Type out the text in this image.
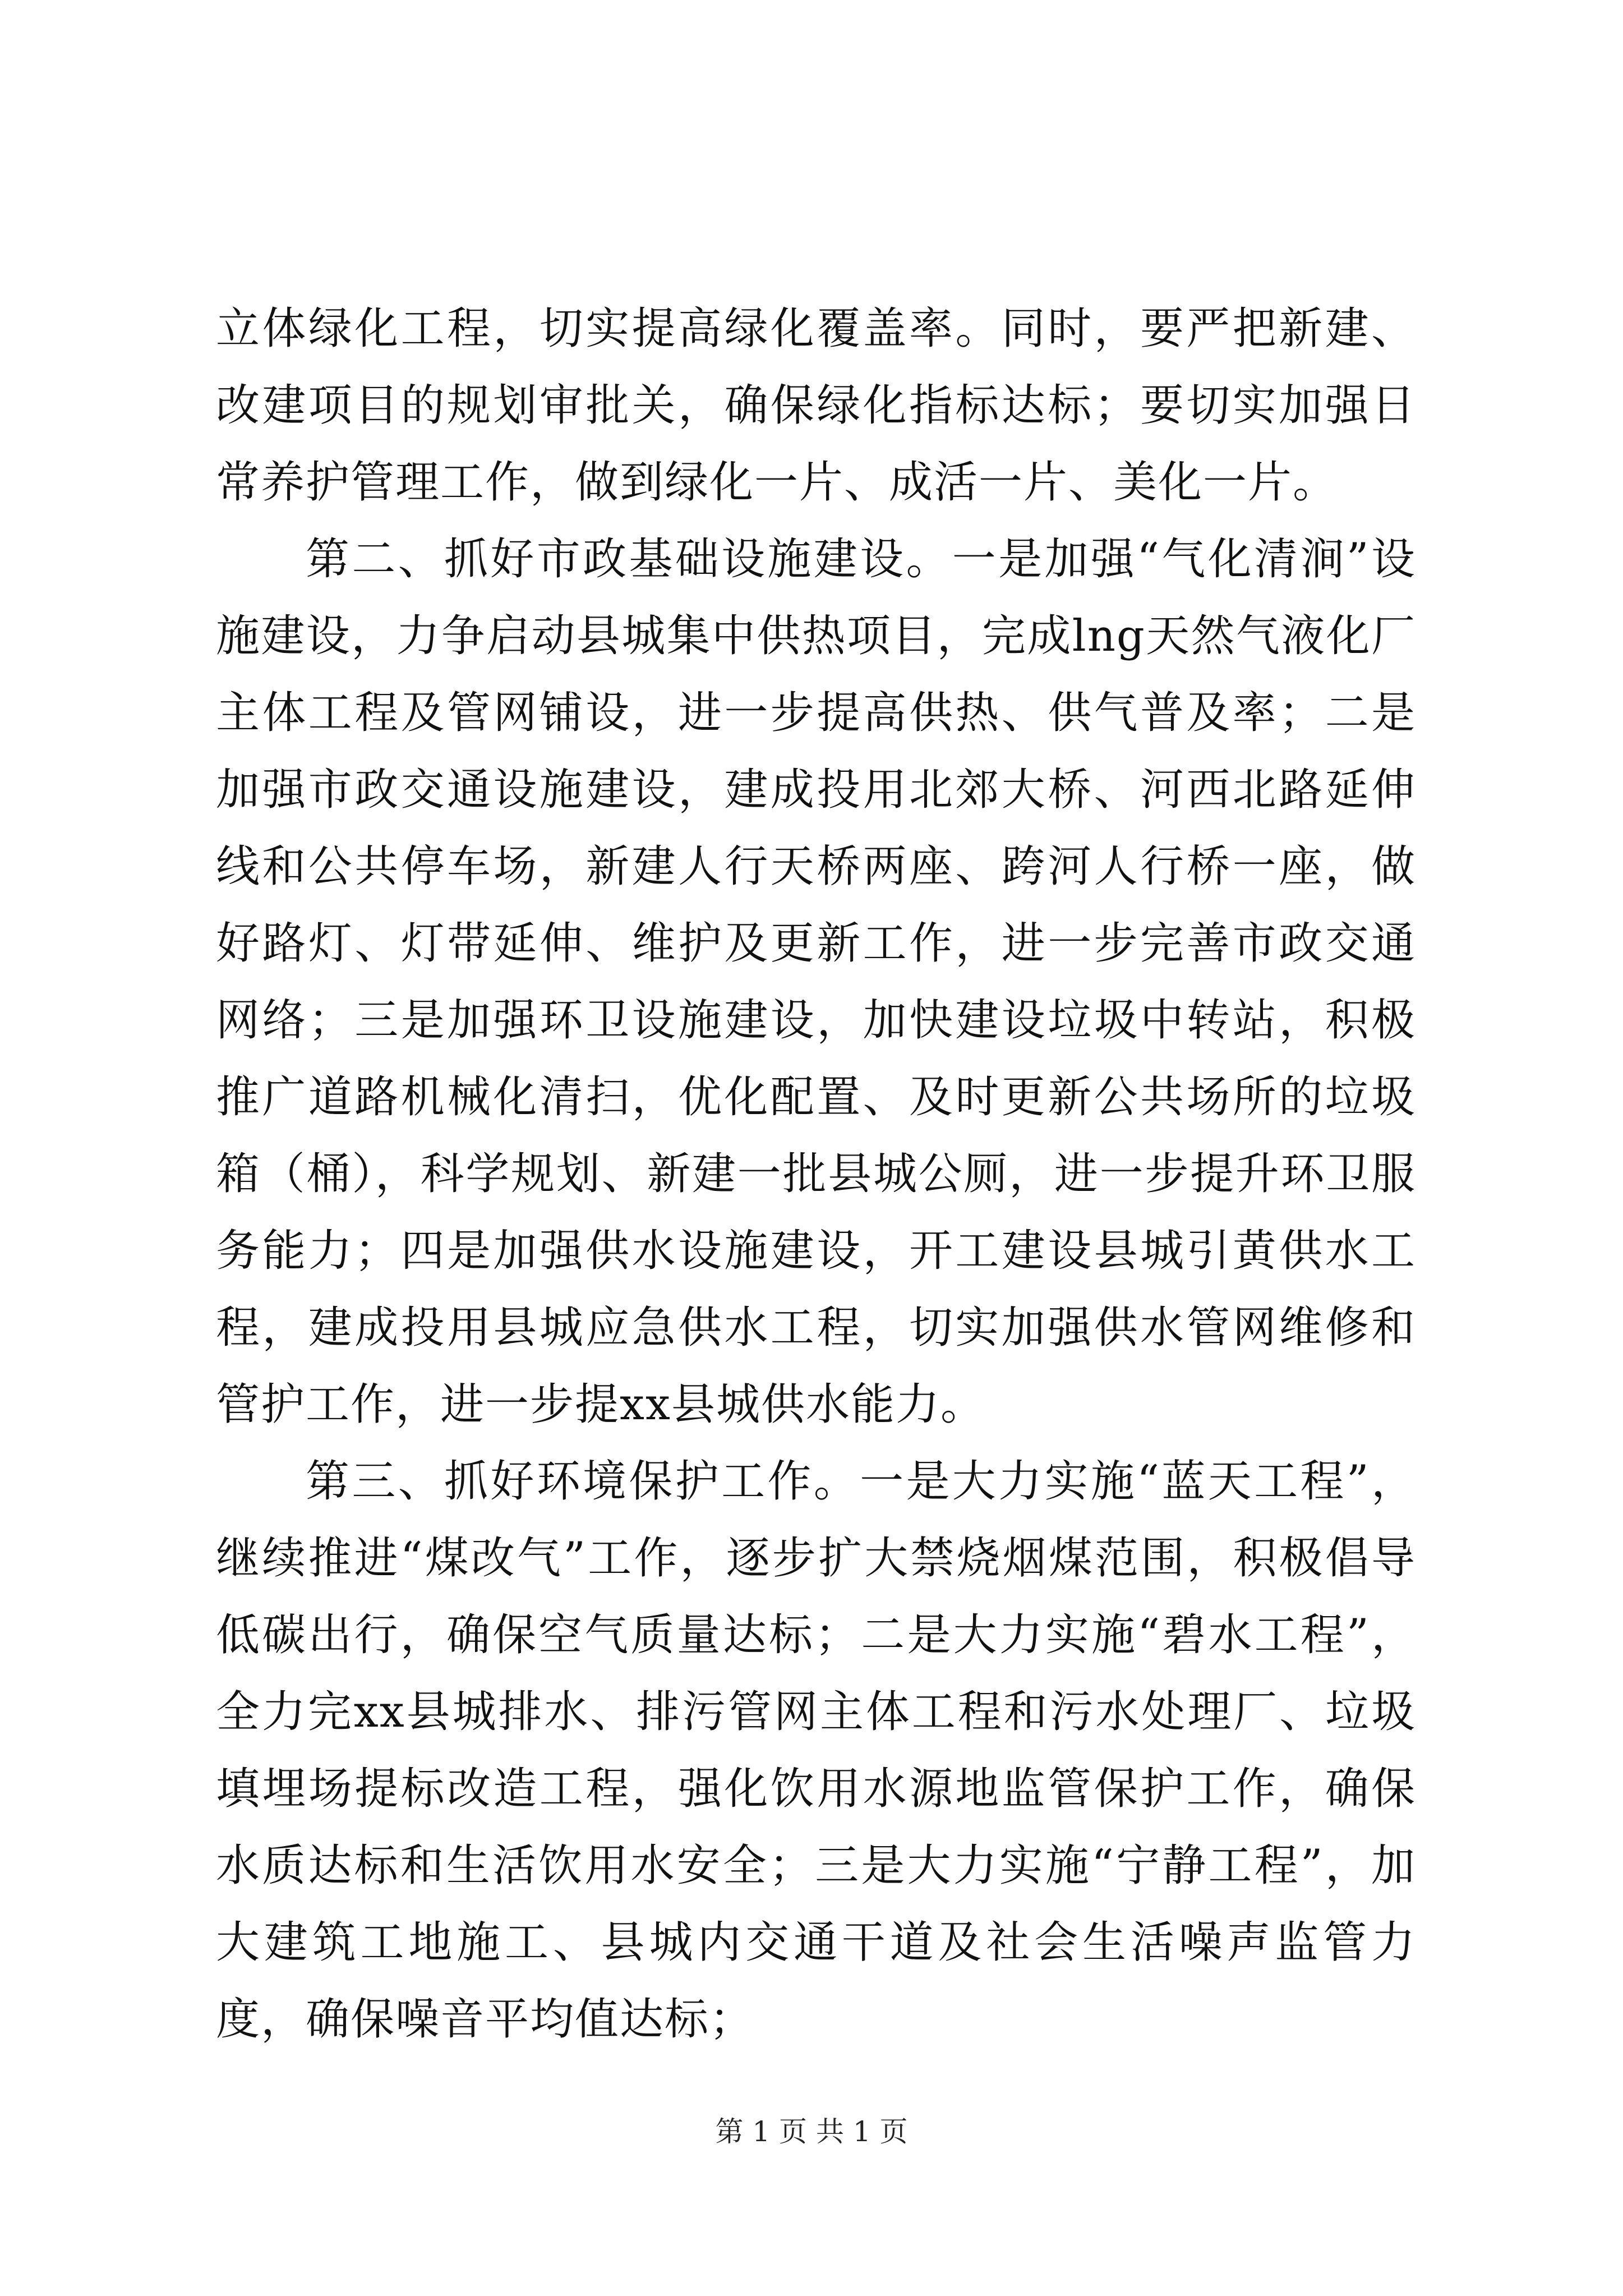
立体绿化工程，切实提高绿化覆盖率。同时，要严把新建、改建项目的规划审批关，确保绿化指标达标；要切实加强日常养护管理工作，做到绿化一片、成活一片、美化一片。

第二、抓好市政基础设施建设。一是加强“气化清涧”设施建设，力争启动县城集中供热项目，完成lng天然气液化厂主体工程及管网铺设，进一步提高供热、供气普及率；二是加强市政交通设施建设，建成投用北郊大桥、河西北路延伸线和公共停车场，新建人行天桥两座、跨河人行桥一座，做好路灯、灯带延伸、维护及更新工作，进一步完善市政交通网络；三是加强环卫设施建设，加快建设垃圾中转站，积极推广道路机械化清扫，优化配置、及时更新公共场所的垃圾箱（桶），科学规划、新建一批县城公厕，进一步提升环卫服务能力；四是加强供水设施建设，开工建设县城引黄供水工程，建成投用县城应急供水工程，切实加强供水管网维修和管护工作，进一步提xx县城供水能力。

第三、抓好环境保护工作。一是大力实施“蓝天工程”，继续推进“煤改气”工作，逐步扩大禁烧烟煤范围，积极倡导低碳出行，确保空气质量达标；二是大力实施“碧水工程”，全力完xx县城排水、排污管网主体工程和污水处理厂、垃圾填埋场提标改造工程，强化饮用水源地监管保护工作，确保水质达标和生活饮用水安全；三是大力实施“宁静工程”，加大建筑工地施工、县城内交通干道及社会生活噪声监管力度，确保噪音平均值达标；

第 1 页 共 1 页
